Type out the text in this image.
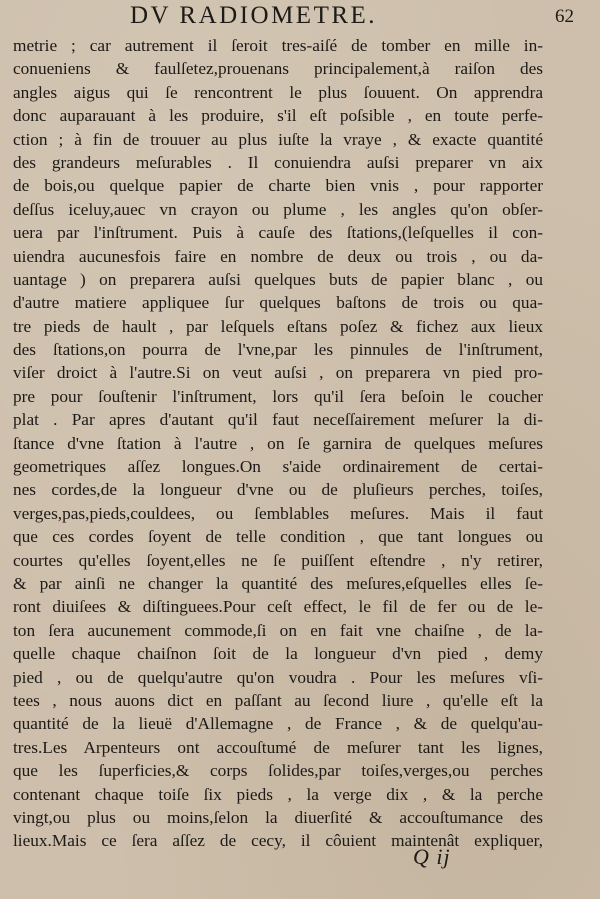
DV RADIOMETRE.	62
metrie ; car autrement il ſeroit tres-aiſé de tomber en mille in-
conueniens & faulſetez,prouenans principalement,à raiſon des
angles aigus qui ſe rencontrent le plus ſouuent. On apprendra
donc auparauant à les produire, s'il eſt poſsible , en toute perfe-
ction ; à fin de trouuer au plus iuſte la vraye , & exacte quantité
des grandeurs meſurables . Il conuiendra auſsi preparer vn aix
de bois,ou quelque papier de charte bien vnis , pour rapporter
deſſus iceluy,auec vn crayon ou plume , les angles qu'on obſer-
uera par l'inſtrument. Puis à cauſe des ſtations,(leſquelles il con-
uiendra aucunesfois faire en nombre de deux ou trois , ou da-
uantage ) on preparera auſsi quelques buts de papier blanc , ou
d'autre matiere appliquee ſur quelques baſtons de trois ou qua-
tre pieds de hault , par leſquels eſtans poſez & fichez aux lieux
des ſtations,on pourra de l'vne,par les pinnules de l'inſtrument,
viſer droict à l'autre.Si on veut auſsi , on preparera vn pied pro-
pre pour ſouſtenir l'inſtrument, lors qu'il ſera beſoin le coucher
plat . Par apres d'autant qu'il faut neceſſairement meſurer la di-
ſtance d'vne ſtation à l'autre , on ſe garnira de quelques meſures
geometriques aſſez longues.On s'aide ordinairement de certai-
nes cordes,de la longueur d'vne ou de pluſieurs perches, toiſes,
verges,pas,pieds,couldees, ou ſemblables meſures. Mais il faut
que ces cordes ſoyent de telle condition , que tant longues ou
courtes qu'elles ſoyent,elles ne ſe puiſſent eſtendre , n'y retirer,
& par ainſi ne changer la quantité des meſures,eſquelles elles ſe-
ront diuiſees & diſtinguees.Pour ceſt effect, le fil de fer ou de le-
ton ſera aucunement commode,ſi on en fait vne chaiſne , de la-
quelle chaque chaiſnon ſoit de la longueur d'vn pied , demy
pied , ou de quelqu'autre qu'on voudra . Pour les meſures vſi-
tees , nous auons dict en paſſant au ſecond liure , qu'elle eſt la
quantité de la lieuë d'Allemagne , de France , & de quelqu'au-
tres.Les Arpenteurs ont accouſtumé de meſurer tant les lignes,
que les ſuperficies,& corps ſolides,par toiſes,verges,ou perches
contenant chaque toiſe ſix pieds , la verge dix , & la perche
vingt,ou plus ou moins,ſelon la diuerſité & accouſtumance des
lieux.Mais ce ſera aſſez de cecy, il côuient maintenât expliquer,
Q ij
